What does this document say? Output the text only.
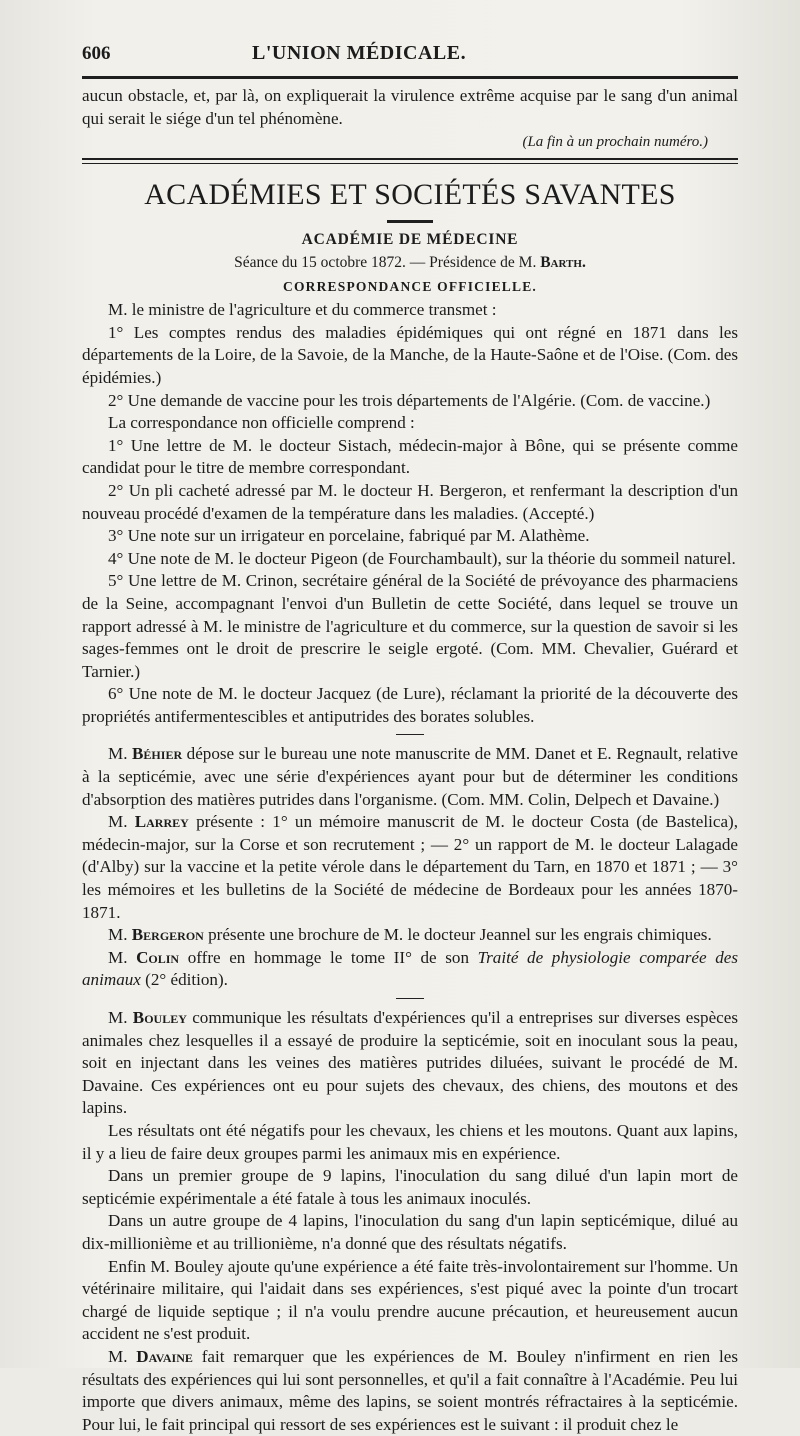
606	L'UNION MÉDICALE.

aucun obstacle, et, par là, on expliquerait la virulence extrême acquise par le sang d'un animal qui serait le siége d'un tel phénomène.

(La fin à un prochain numéro.)

ACADÉMIES ET SOCIÉTÉS SAVANTES
ACADÉMIE DE MÉDECINE
Séance du 15 octobre 1872. — Présidence de M. Barth.
CORRESPONDANCE OFFICIELLE.

M. le ministre de l'agriculture et du commerce transmet :

1° Les comptes rendus des maladies épidémiques qui ont régné en 1871 dans les départements de la Loire, de la Savoie, de la Manche, de la Haute-Saône et de l'Oise. (Com. des épidémies.)

2° Une demande de vaccine pour les trois départements de l'Algérie. (Com. de vaccine.)

La correspondance non officielle comprend :

1° Une lettre de M. le docteur Sistach, médecin-major à Bône, qui se présente comme candidat pour le titre de membre correspondant.

2° Un pli cacheté adressé par M. le docteur H. Bergeron, et renfermant la description d'un nouveau procédé d'examen de la température dans les maladies. (Accepté.)

3° Une note sur un irrigateur en porcelaine, fabriqué par M. Alathème.

4° Une note de M. le docteur Pigeon (de Fourchambault), sur la théorie du sommeil naturel.

5° Une lettre de M. Crinon, secrétaire général de la Société de prévoyance des pharmaciens de la Seine, accompagnant l'envoi d'un Bulletin de cette Société, dans lequel se trouve un rapport adressé à M. le ministre de l'agriculture et du commerce, sur la question de savoir si les sages-femmes ont le droit de prescrire le seigle ergoté. (Com. MM. Chevalier, Guérard et Tarnier.)

6° Une note de M. le docteur Jacquez (de Lure), réclamant la priorité de la découverte des propriétés antifermentescibles et antiputrides des borates solubles.

M. Béhier dépose sur le bureau une note manuscrite de MM. Danet et E. Regnault, relative à la septicémie, avec une série d'expériences ayant pour but de déterminer les conditions d'absorption des matières putrides dans l'organisme. (Com. MM. Colin, Delpech et Davaine.)

M. Larrey présente : 1° un mémoire manuscrit de M. le docteur Costa (de Bastelica), médecin-major, sur la Corse et son recrutement ; — 2° un rapport de M. le docteur Lalagade (d'Alby) sur la vaccine et la petite vérole dans le département du Tarn, en 1870 et 1871 ; — 3° les mémoires et les bulletins de la Société de médecine de Bordeaux pour les années 1870-1871.

M. Bergeron présente une brochure de M. le docteur Jeannel sur les engrais chimiques.

M. Colin offre en hommage le tome II° de son Traité de physiologie comparée des animaux (2° édition).

M. Bouley communique les résultats d'expériences qu'il a entreprises sur diverses espèces animales chez lesquelles il a essayé de produire la septicémie, soit en inoculant sous la peau, soit en injectant dans les veines des matières putrides diluées, suivant le procédé de M. Davaine. Ces expériences ont eu pour sujets des chevaux, des chiens, des moutons et des lapins.

Les résultats ont été négatifs pour les chevaux, les chiens et les moutons. Quant aux lapins, il y a lieu de faire deux groupes parmi les animaux mis en expérience.

Dans un premier groupe de 9 lapins, l'inoculation du sang dilué d'un lapin mort de septicémie expérimentale a été fatale à tous les animaux inoculés.

Dans un autre groupe de 4 lapins, l'inoculation du sang d'un lapin septicémique, dilué au dix-millionième et au trillionième, n'a donné que des résultats négatifs.

Enfin M. Bouley ajoute qu'une expérience a été faite très-involontairement sur l'homme. Un vétérinaire militaire, qui l'aidait dans ses expériences, s'est piqué avec la pointe d'un trocart chargé de liquide septique ; il n'a voulu prendre aucune précaution, et heureusement aucun accident ne s'est produit.

M. Davaine fait remarquer que les expériences de M. Bouley n'infirment en rien les résultats des expériences qui lui sont personnelles, et qu'il a fait connaître à l'Académie. Peu lui importe que divers animaux, même des lapins, se soient montrés réfractaires à la septicémie. Pour lui, le fait principal qui ressort de ses expériences est le suivant : il produit chez le
